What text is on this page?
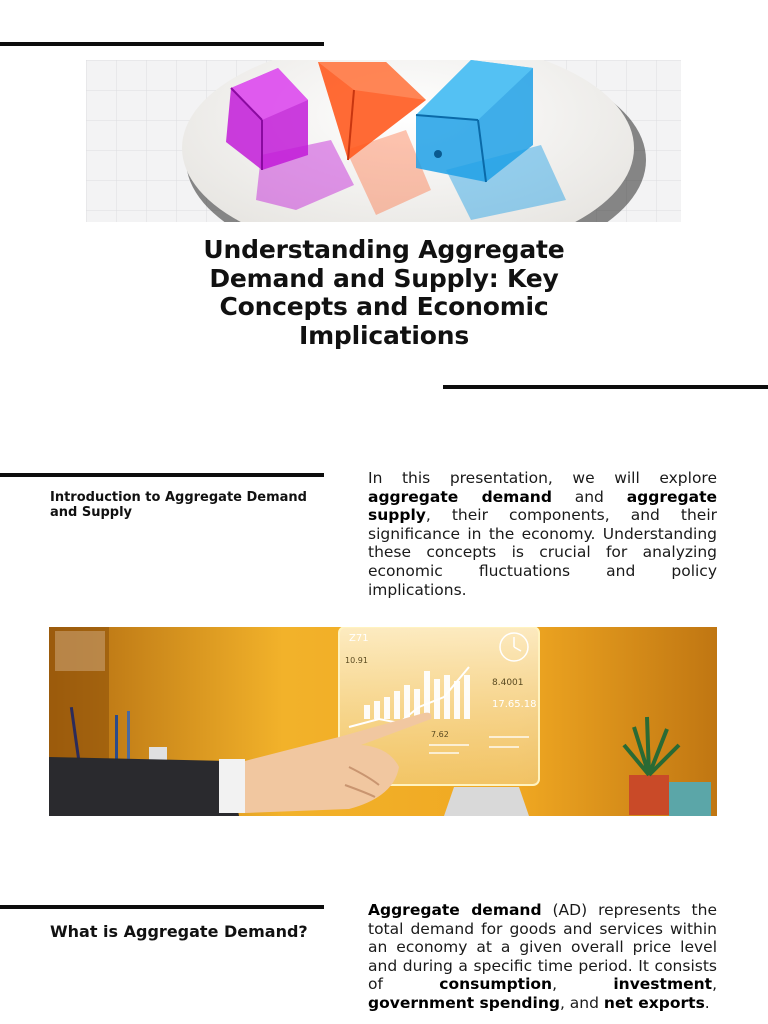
Understanding Aggregate Demand and Supply: Key Concepts and Economic Implications

Introduction to Aggregate Demand and Supply

In this presentation, we will explore aggregate demand and aggregate supply, their components, and their significance in the economy. Understanding these concepts is crucial for analyzing economic fluctuations and policy implications.

Z71
10.91
8.4001
17.65.18
7.62

What is Aggregate Demand?

Aggregate demand (AD) represents the total demand for goods and services within an economy at a given overall price level and during a specific time period. It consists of consumption, investment, government spending, and net exports.
